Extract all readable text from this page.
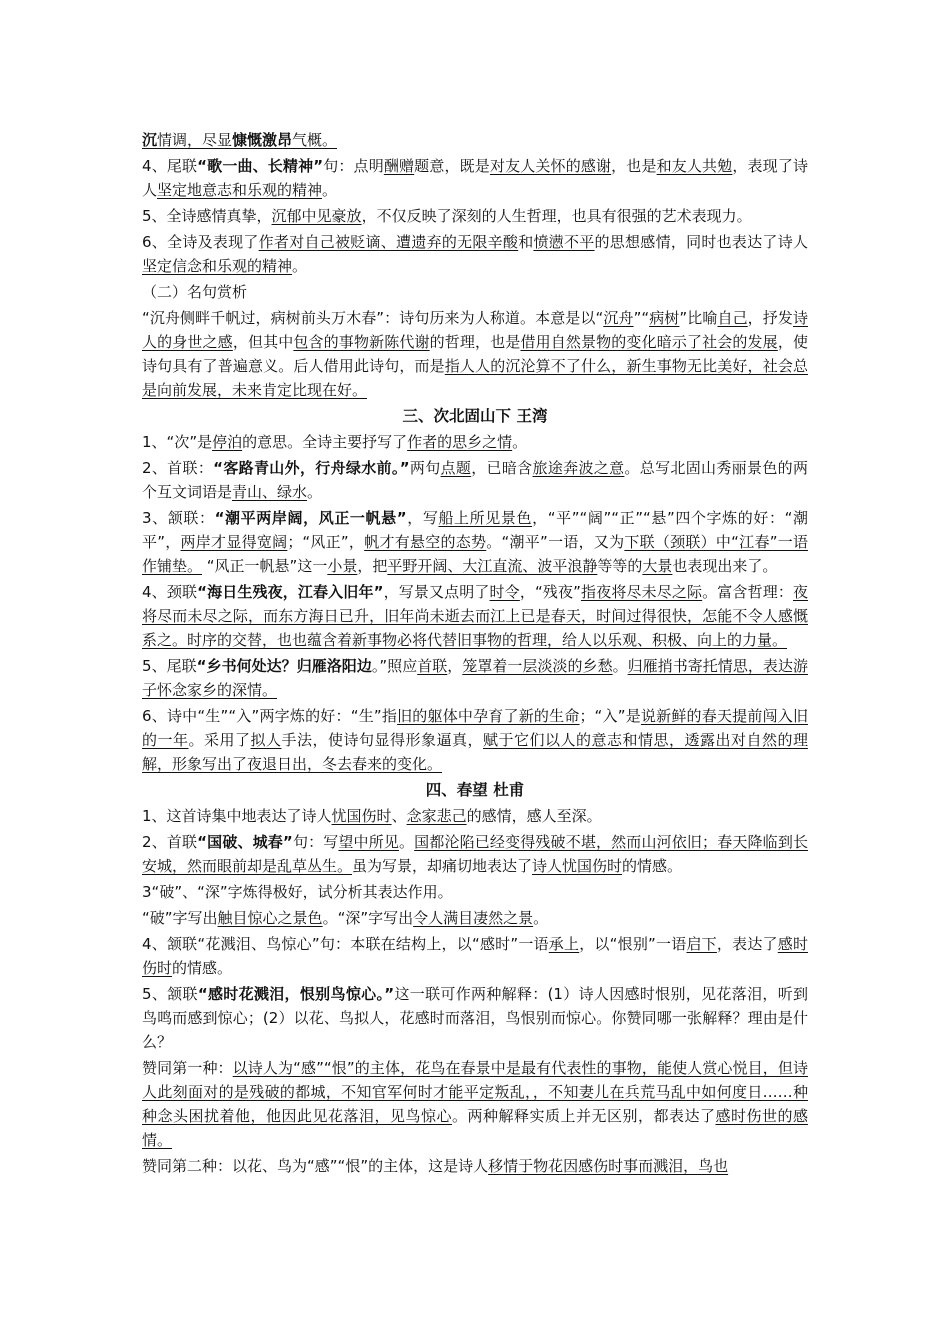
沉情调，尽显慷慨激昂气概。

4、尾联“歌一曲、长精神”句：点明酬赠题意，既是对友人关怀的感谢，也是和友人共勉，表现了诗人坚定地意志和乐观的精神。

5、全诗感情真挚，沉郁中见豪放，不仅反映了深刻的人生哲理，也具有很强的艺术表现力。

6、全诗及表现了作者对自己被贬谪、遭遗弃的无限辛酸和愤懑不平的思想感情，同时也表达了诗人坚定信念和乐观的精神。

（二）名句赏析

“沉舟侧畔千帆过，病树前头万木春”：诗句历来为人称道。本意是以“沉舟”“病树”比喻自己，抒发诗人的身世之感，但其中包含的事物新陈代谢的哲理，也是借用自然景物的变化暗示了社会的发展，使诗句具有了普遍意义。后人借用此诗句，而是指人人的沉沦算不了什么，新生事物无比美好，社会总是向前发展，未来肯定比现在好。

三、次北固山下 王湾

1、“次”是停泊的意思。全诗主要抒写了作者的思乡之情。

2、首联：“客路青山外，行舟绿水前。”两句点题，已暗含旅途奔波之意。总写北固山秀丽景色的两个互文词语是青山、绿水。

3、颔联：“潮平两岸阔，风正一帆悬”，写船上所见景色，“平”“阔”“正”“悬”四个字炼的好：“潮平”，两岸才显得宽阔；“风正”，帆才有悬空的态势。“潮平”一语，又为下联（颈联）中“江春”一语作铺垫。 “风正一帆悬”这一小景，把平野开阔、大江直流、波平浪静等等的大景也表现出来了。

4、颈联“海日生残夜，江春入旧年”，写景又点明了时令，“残夜”指夜将尽未尽之际。富含哲理：夜将尽而未尽之际，而东方海日已升，旧年尚未逝去而江上已是春天，时间过得很快，怎能不令人感慨系之。时序的交替，也也蕴含着新事物必将代替旧事物的哲理，给人以乐观、积极、向上的力量。

5、尾联“乡书何处达？归雁洛阳边。”照应首联，笼罩着一层淡淡的乡愁。归雁捎书寄托情思，表达游子怀念家乡的深情。

6、诗中“生”“入”两字炼的好：“生”指旧的躯体中孕育了新的生命；“入”是说新鲜的春天提前闯入旧的一年。采用了拟人手法，使诗句显得形象逼真，赋于它们以人的意志和情思，透露出对自然的理解，形象写出了夜退日出，冬去春来的变化。

四、春望 杜甫

1、这首诗集中地表达了诗人忧国伤时、念家悲己的感情，感人至深。

2、首联“国破、城春”句：写望中所见。国都沦陷已经变得残破不堪，然而山河依旧；春天降临到长安城，然而眼前却是乱草丛生。虽为写景，却痛切地表达了诗人忧国伤时的情感。

3“破”、“深”字炼得极好，试分析其表达作用。

“破”字写出触目惊心之景色。“深”字写出令人满目凄然之景。

4、颔联“花溅泪、鸟惊心”句：本联在结构上，以“感时”一语承上，以“恨别”一语启下，表达了感时伤时的情感。

5、颔联“感时花溅泪，恨别鸟惊心。”这一联可作两种解释：(1）诗人因感时恨别，见花落泪，听到鸟鸣而感到惊心；(2）以花、鸟拟人，花感时而落泪，鸟恨别而惊心。你赞同哪一张解释？理由是什么？

赞同第一种：以诗人为“感”“恨”的主体，花鸟在春景中是最有代表性的事物，能使人赏心悦目，但诗人此刻面对的是残破的都城，不知官军何时才能平定叛乱，，不知妻儿在兵荒马乱中如何度日……种种念头困扰着他，他因此见花落泪，见鸟惊心。两种解释实质上并无区别，都表达了感时伤世的感情。

赞同第二种：以花、鸟为“感”“恨”的主体，这是诗人移情于物花因感伤时事而溅泪，鸟也
